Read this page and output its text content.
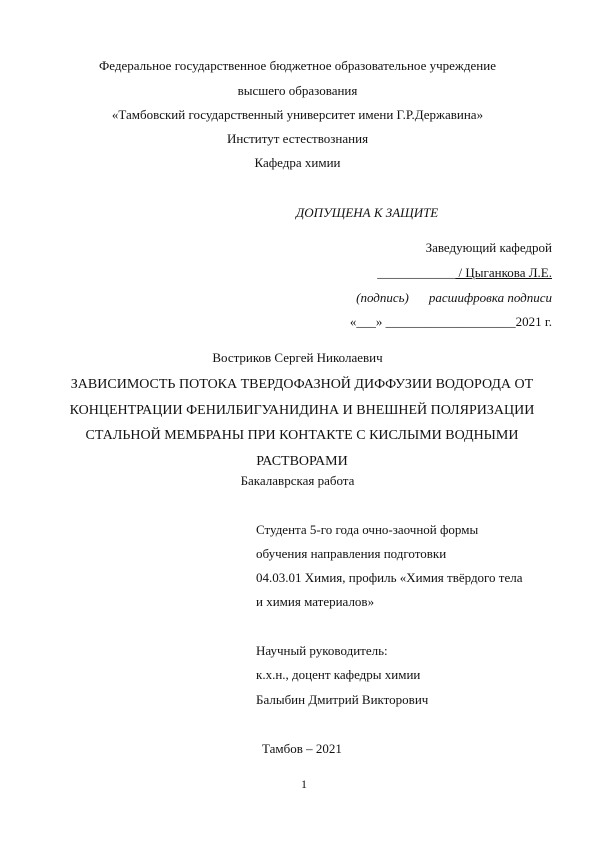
Федеральное государственное бюджетное образовательное учреждение
высшего образования
«Тамбовский государственный университет имени Г.Р.Державина»
Институт естествознания
Кафедра химии
ДОПУЩЕНА К ЗАЩИТЕ
Заведующий кафедрой
____________ / Цыганкова Л.Е.
(подпись) расшифровка подписи
«___» ____________________2021 г.
Востриков Сергей Николаевич
ЗАВИСИМОСТЬ ПОТОКА ТВЕРДОФАЗНОЙ ДИФФУЗИИ ВОДОРОДА ОТ
КОНЦЕНТРАЦИИ ФЕНИЛБИГУАНИДИНА И ВНЕШНЕЙ ПОЛЯРИЗАЦИИ
СТАЛЬНОЙ МЕМБРАНЫ ПРИ КОНТАКТЕ С КИСЛЫМИ ВОДНЫМИ
РАСТВОРАМИ
Бакалаврская работа
Студента 5-го года очно-заочной формы
обучения направления подготовки
04.03.01 Химия, профиль «Химия твёрдого тела
и химия материалов»
Научный руководитель:
к.х.н., доцент кафедры химии
Балыбин Дмитрий Викторович
Тамбов – 2021
1
